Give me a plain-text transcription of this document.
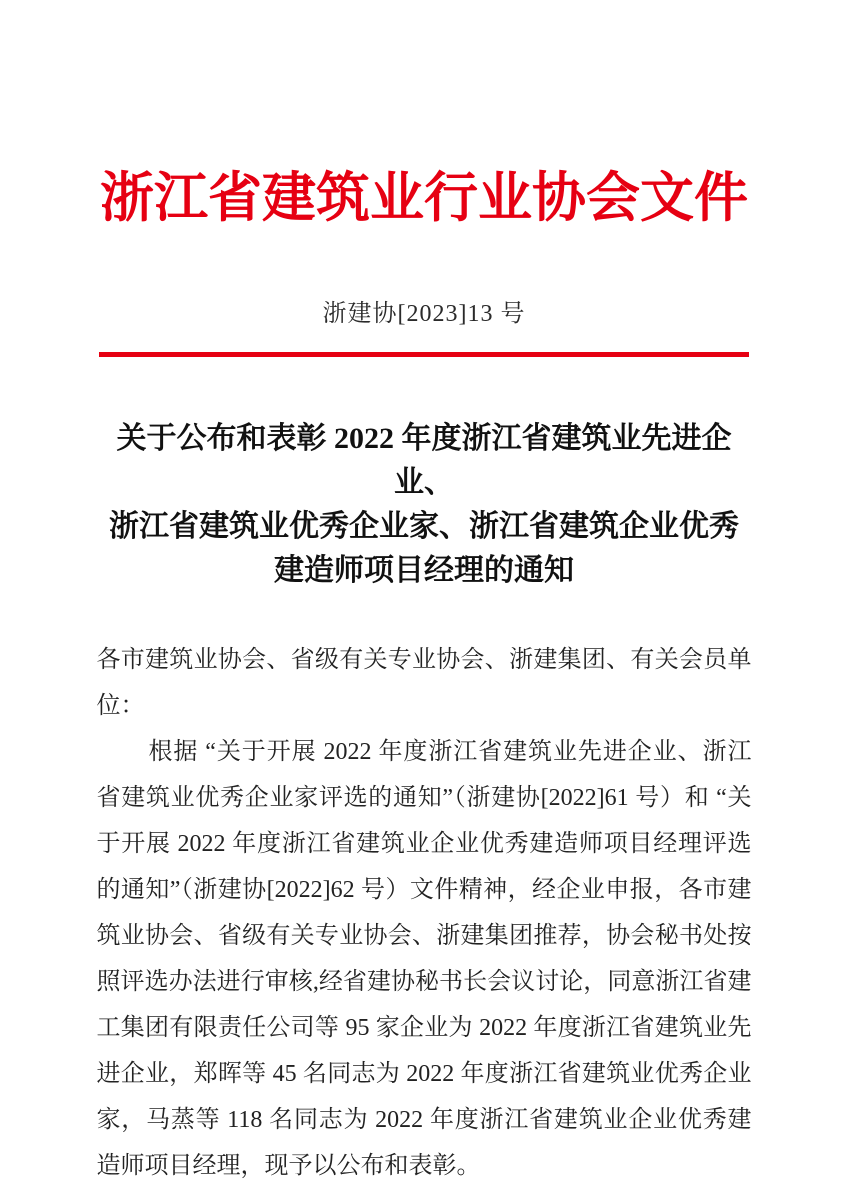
浙江省建筑业行业协会文件
浙建协[2023]13 号
关于公布和表彰 2022 年度浙江省建筑业先进企业、
浙江省建筑业优秀企业家、浙江省建筑企业优秀
建造师项目经理的通知

各市建筑业协会、省级有关专业协会、浙建集团、有关会员单位：

根据 “关于开展 2022 年度浙江省建筑业先进企业、浙江省建筑业优秀企业家评选的通知”（浙建协[2022]61 号）和 “关于开展 2022 年度浙江省建筑业企业优秀建造师项目经理评选的通知”（浙建协[2022]62 号）文件精神，经企业申报，各市建筑业协会、省级有关专业协会、浙建集团推荐，协会秘书处按照评选办法进行审核,经省建协秘书长会议讨论，同意浙江省建工集团有限责任公司等 95 家企业为 2022 年度浙江省建筑业先进企业，郑晖等 45 名同志为 2022 年度浙江省建筑业优秀企业家，马蒸等 118 名同志为 2022 年度浙江省建筑业企业优秀建造师项目经理，现予以公布和表彰。
